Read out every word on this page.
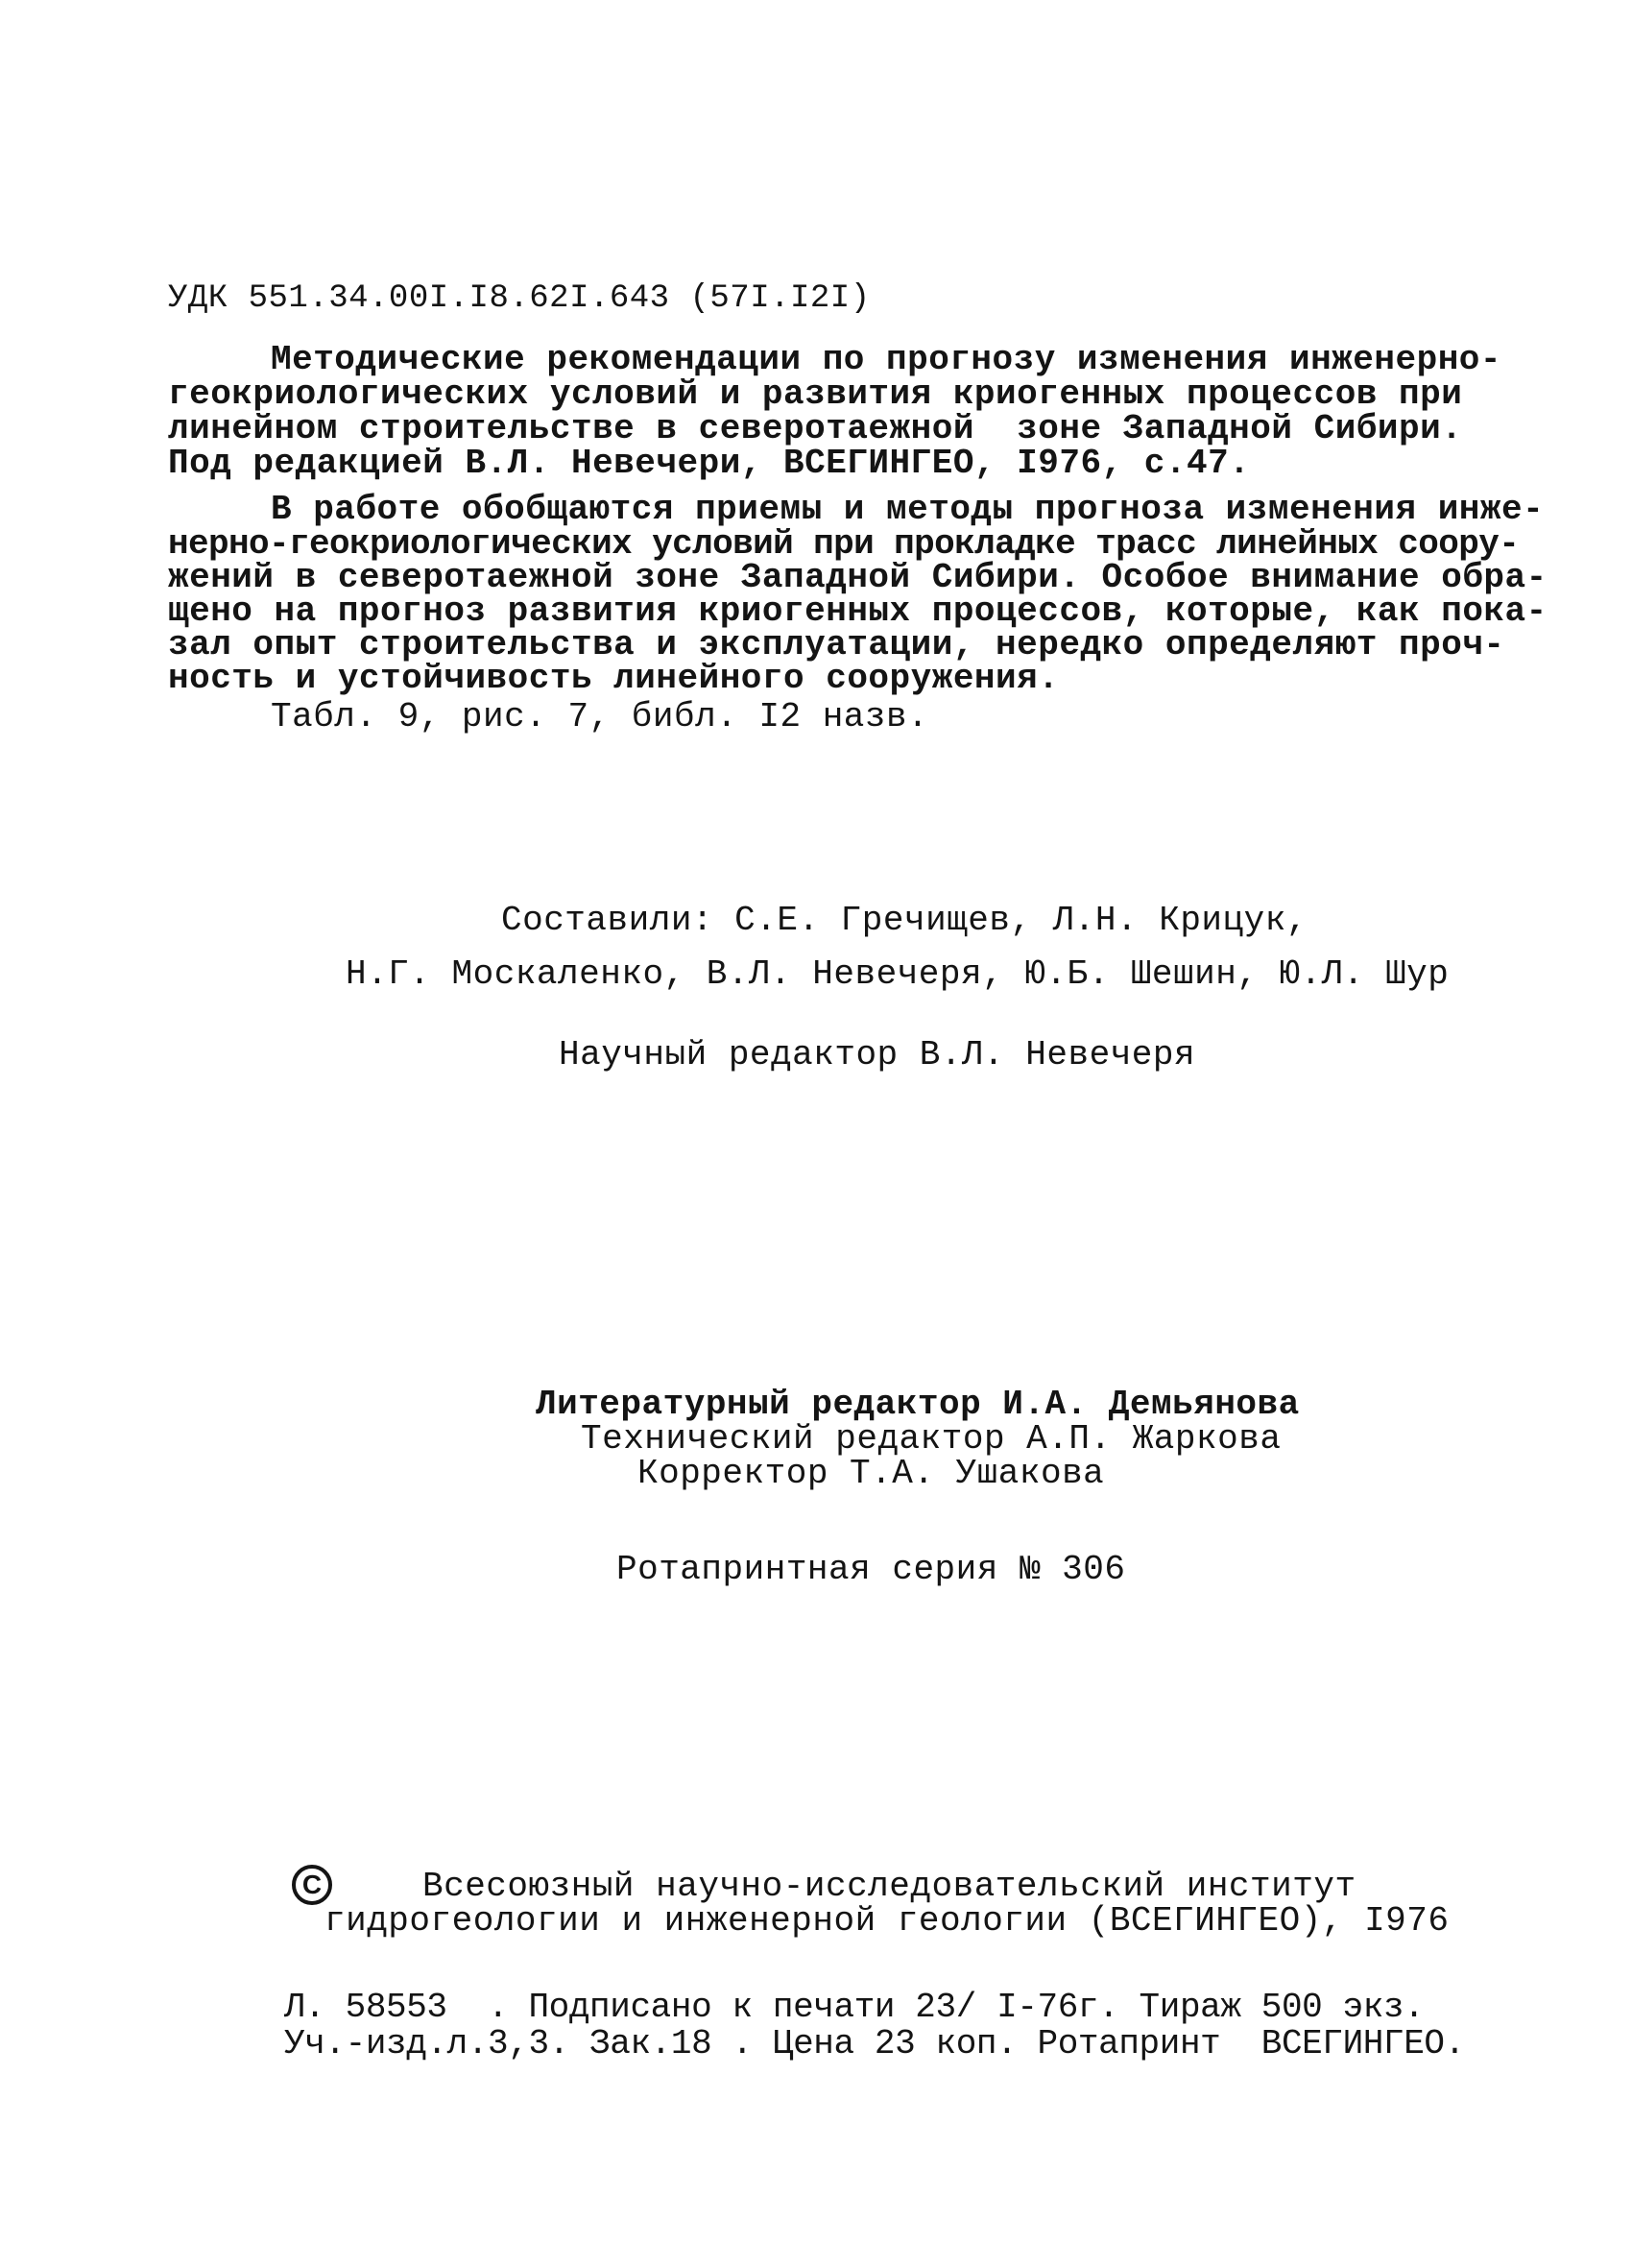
УДК 551.34.00I.I8.62I.643 (57I.I2I)
Методические рекомендации по прогнозу изменения инженерно-
геокриологических условий и развития криогенных процессов при
линейном строительстве в северотаежной  зоне Западной Сибири.
Под редакцией В.Л. Невечери, ВСЕГИНГЕО, I976, с.47.
В работе обобщаются приемы и методы прогноза изменения инже-
нерно-геокриологических условий при прокладке трасс линейных соору-
жений в северотаежной зоне Западной Сибири. Особое внимание обра-
щено на прогноз развития криогенных процессов, которые, как пока-
зал опыт строительства и эксплуатации, нередко определяют проч-
ность и устойчивость линейного сооружения.
Табл. 9, рис. 7, библ. I2 назв.
Составили: С.Е. Гречищев, Л.Н. Крицук,
Н.Г. Москаленко, В.Л. Невечеря, Ю.Б. Шешин, Ю.Л. Шур
Научный редактор В.Л. Невечеря
Литературный редактор И.А. Демьянова
Технический редактор А.П. Жаркова
Корректор Т.А. Ушакова
Ротапринтная серия № 306
С	Всесоюзный научно-исследовательский институт
гидрогеологии и инженерной геологии (ВСЕГИНГЕО), I976
Л. 58553  . Подписано к печати 23/ I-76г. Тираж 500 экз.
Уч.-изд.л.3,3. Зак.18 . Цена 23 коп. Ротапринт  ВСЕГИНГЕО.
